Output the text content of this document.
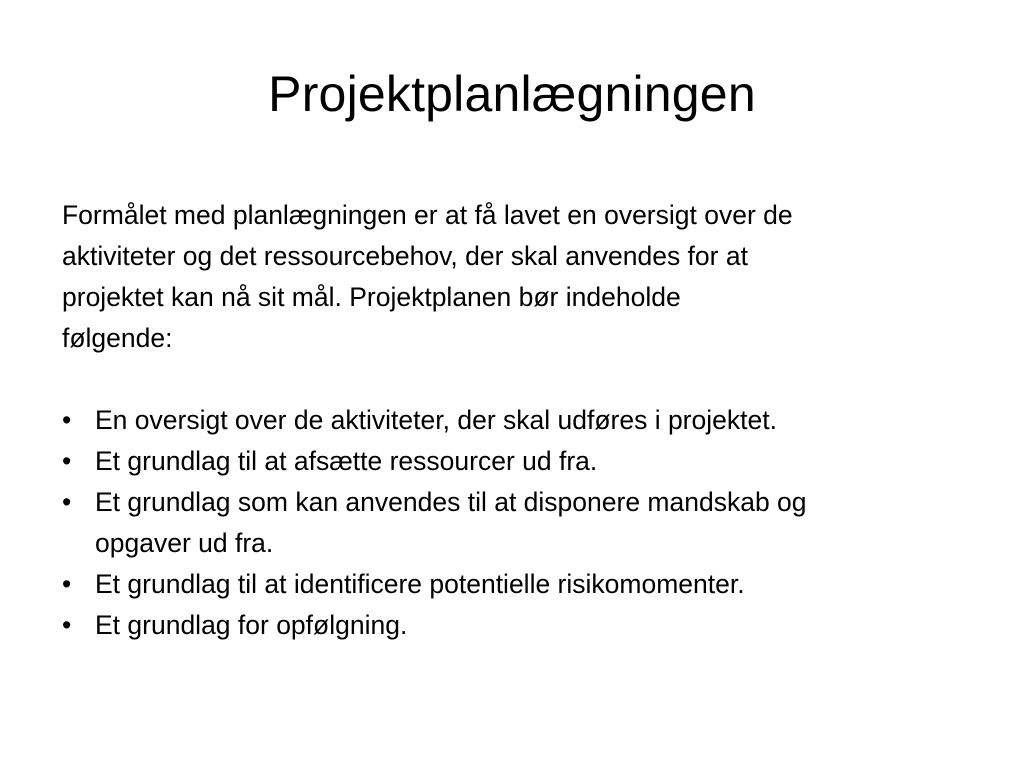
Projektplanlægningen

Formålet med planlægningen er at få lavet en oversigt over de
aktiviteter og det ressourcebehov, der skal anvendes for at
projektet kan nå sit mål. Projektplanen bør indeholde
følgende:

• En oversigt over de aktiviteter, der skal udføres i projektet.
• Et grundlag til at afsætte ressourcer ud fra.
• Et grundlag som kan anvendes til at disponere mandskab og
opgaver ud fra.
• Et grundlag til at identificere potentielle risikomomenter.
• Et grundlag for opfølgning.
